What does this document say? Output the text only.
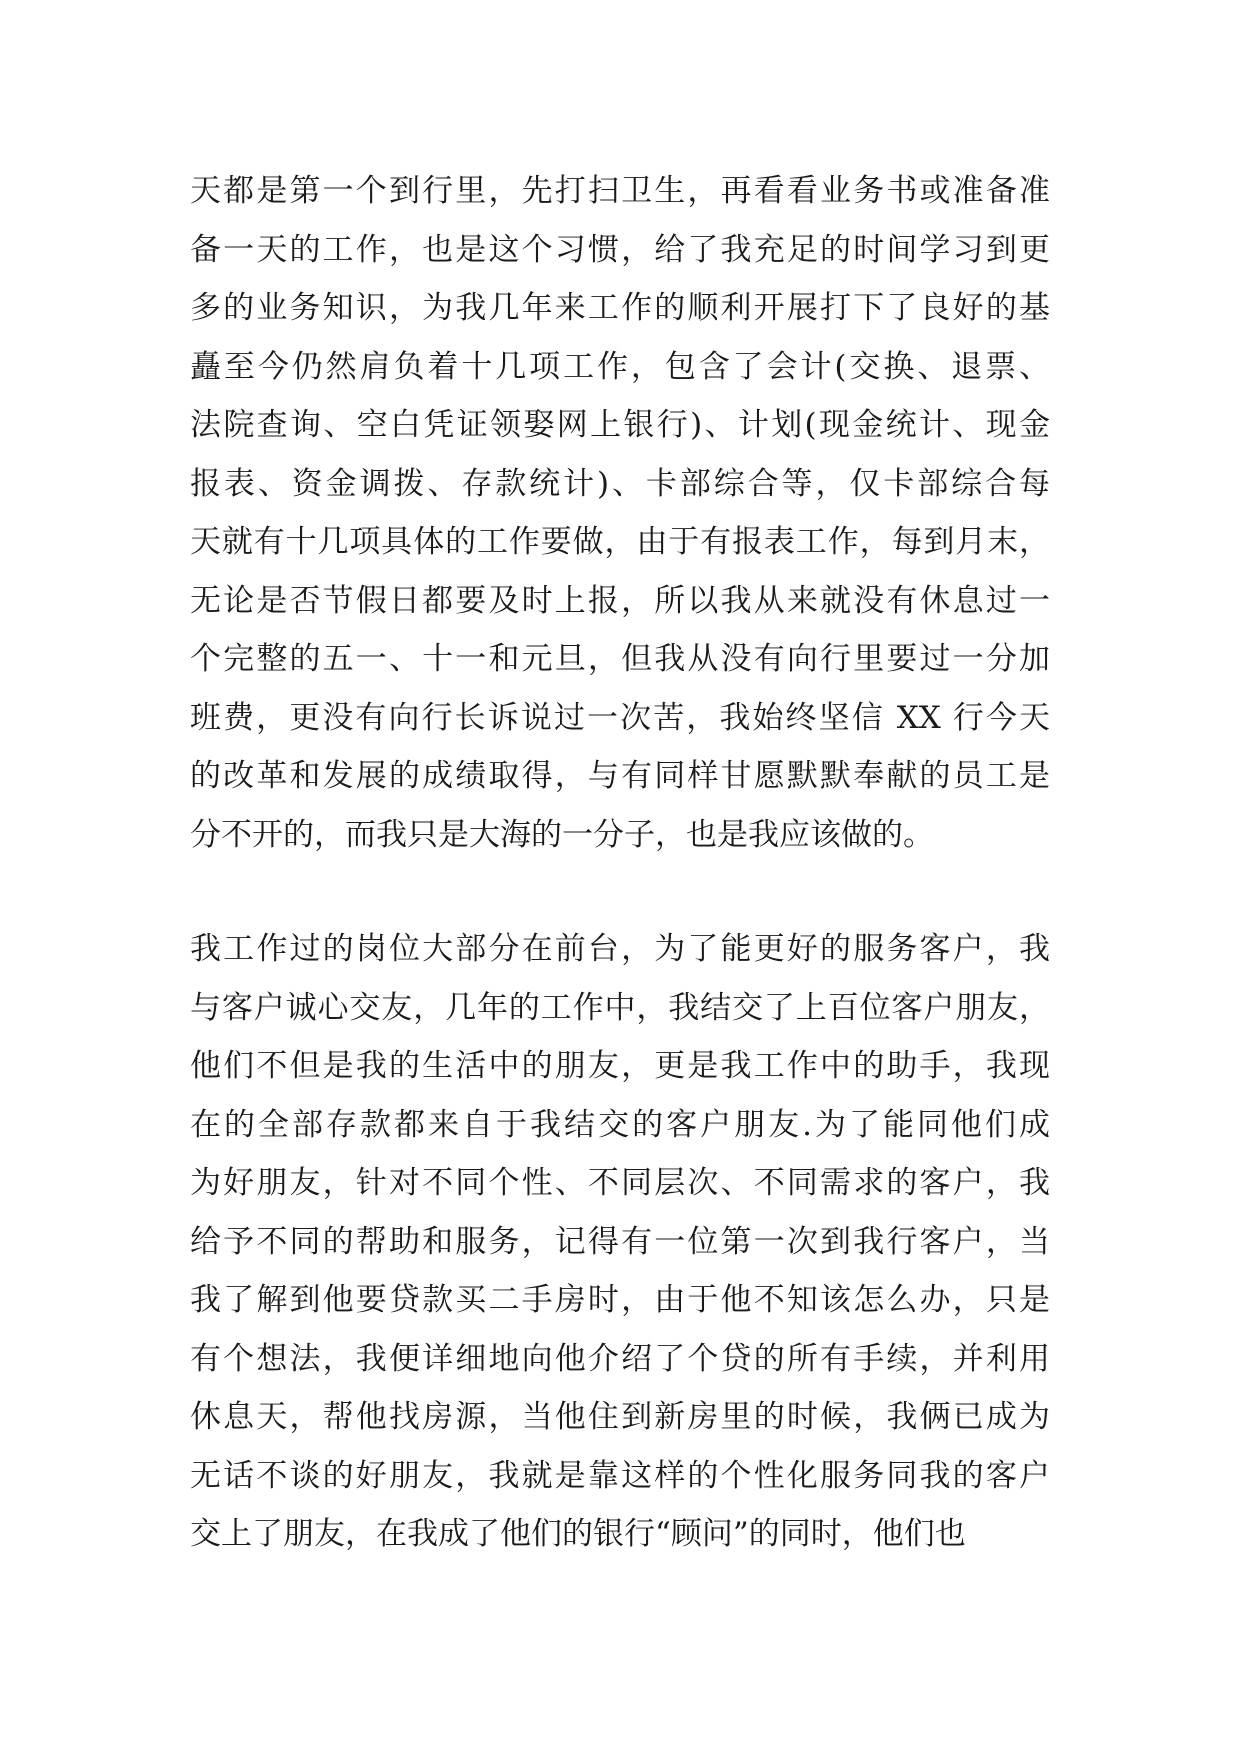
天都是第一个到行里，先打扫卫生，再看看业务书或准备准
备一天的工作，也是这个习惯，给了我充足的时间学习到更
多的业务知识，为我几年来工作的顺利开展打下了良好的基
矗至今仍然肩负着十几项工作，包含了会计(交换、退票、
法院查询、空白凭证领娶网上银行)、计划(现金统计、现金
报表、资金调拨、存款统计)、卡部综合等，仅卡部综合每
天就有十几项具体的工作要做，由于有报表工作，每到月末，
无论是否节假日都要及时上报，所以我从来就没有休息过一
个完整的五一、十一和元旦，但我从没有向行里要过一分加
班费，更没有向行长诉说过一次苦，我始终坚信 XX 行今天
的改革和发展的成绩取得，与有同样甘愿默默奉献的员工是
分不开的，而我只是大海的一分子，也是我应该做的。
我工作过的岗位大部分在前台，为了能更好的服务客户，我
与客户诚心交友，几年的工作中，我结交了上百位客户朋友，
他们不但是我的生活中的朋友，更是我工作中的助手，我现
在的全部存款都来自于我结交的客户朋友.为了能同他们成
为好朋友，针对不同个性、不同层次、不同需求的客户，我
给予不同的帮助和服务，记得有一位第一次到我行客户，当
我了解到他要贷款买二手房时，由于他不知该怎么办，只是
有个想法，我便详细地向他介绍了个贷的所有手续，并利用
休息天，帮他找房源，当他住到新房里的时候，我俩已成为
无话不谈的好朋友，我就是靠这样的个性化服务同我的客户
交上了朋友，在我成了他们的银行“顾问”的同时，他们也
